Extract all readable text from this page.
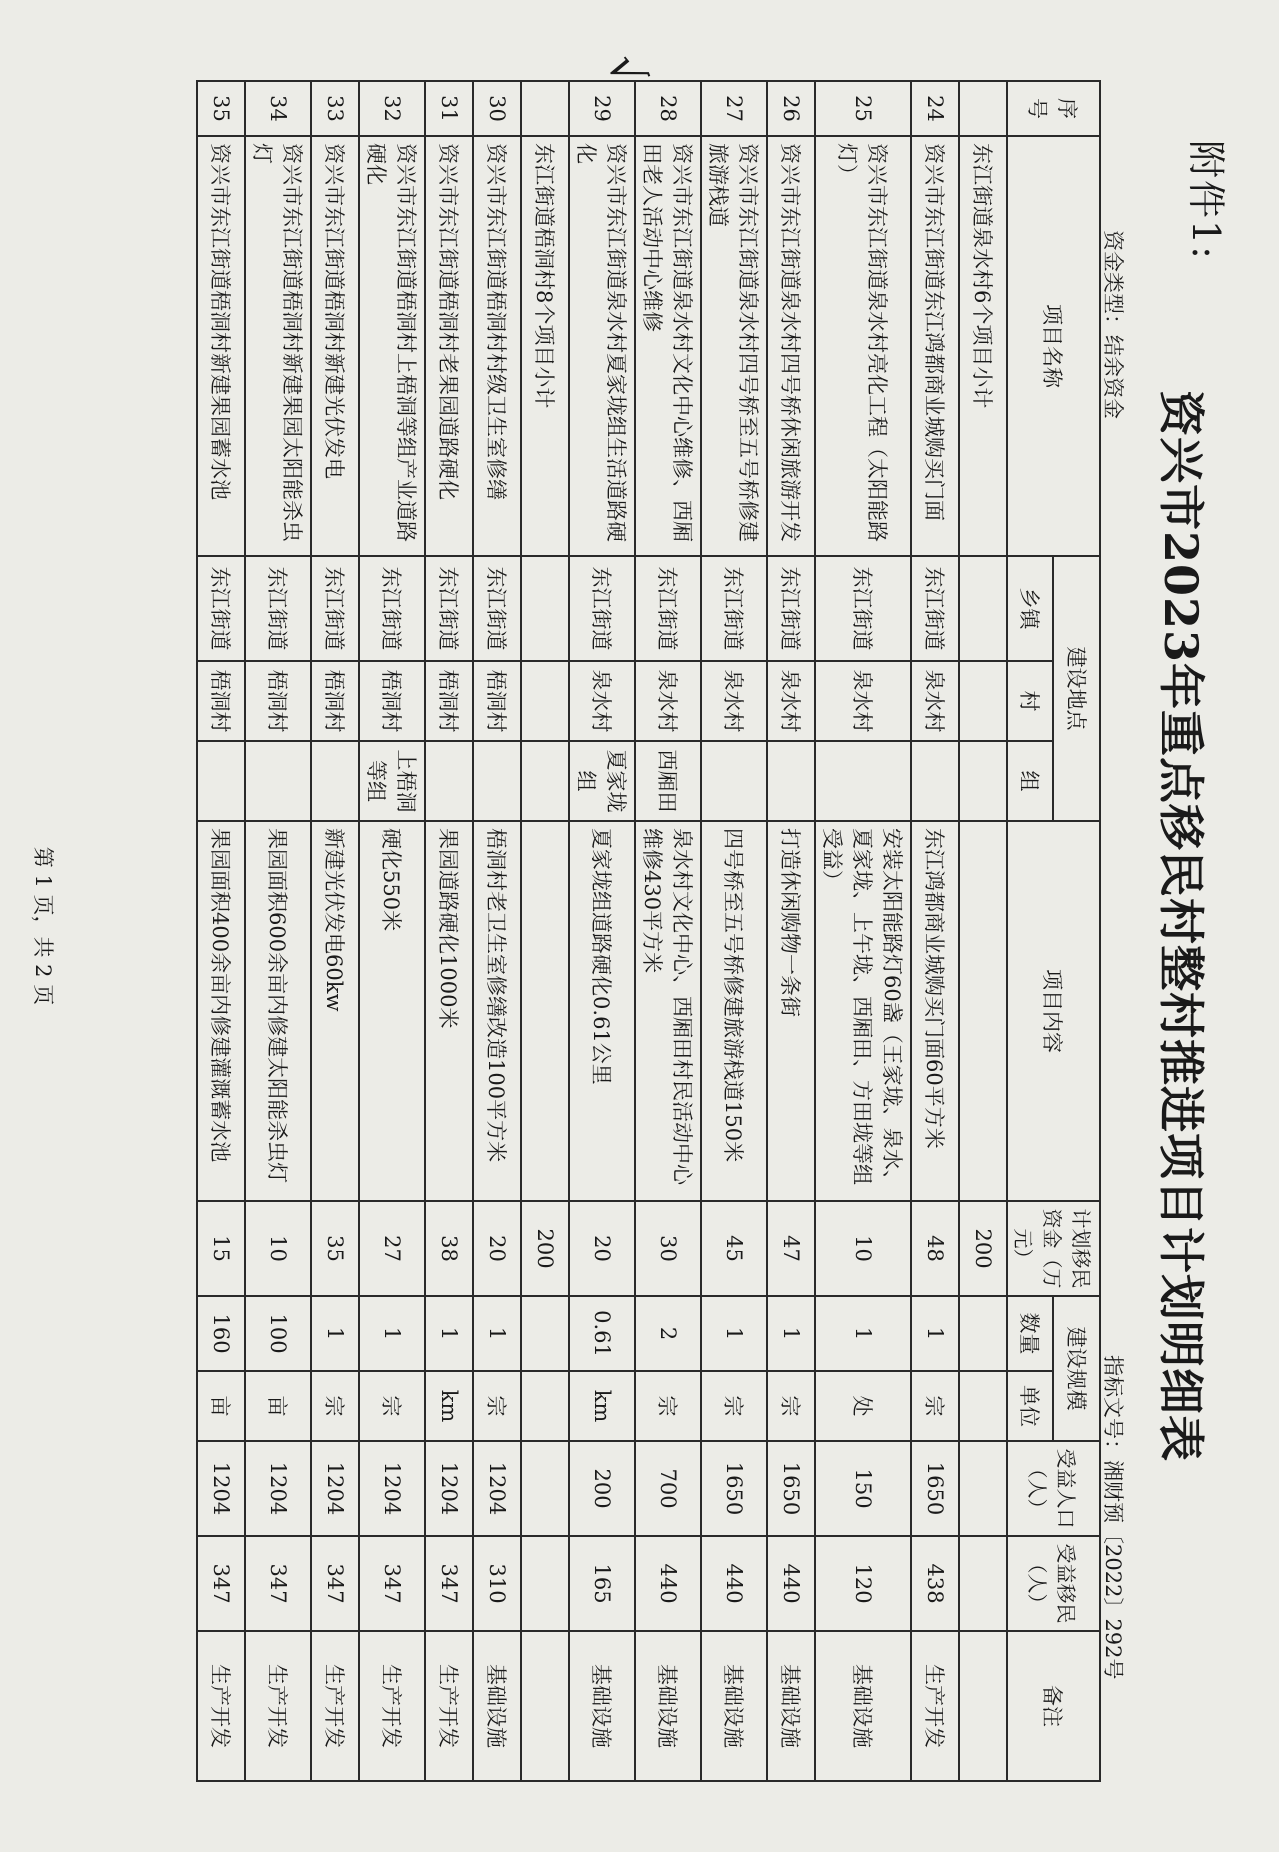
附件1:
资兴市2023年重点移民村整村推进项目计划明细表
资金类型：结余资金
指标文号：湘财预〔2022〕292号
√
序号	项目名称	建设地点			项目内容	计划移民资金（万元）	建设规模		受益人口（人）	受益移民（人）	备注
		乡镇	村	组			数量	单位			
	东江街道泉水村6个项目小计					200					
24	资兴市东江街道东江鸿都商业城购买门面	东江街道	泉水村		东江鸿都商业城购买门面60平方米	48	1	宗	1650	438	生产开发
25	资兴市东江街道泉水村亮化工程（太阳能路灯）	东江街道	泉水村		安装太阳能路灯60盏（王家垅、泉水、夏家垅、上午垅、西厢田、方田垅等组受益）	10	1	处	150	120	基础设施
26	资兴市东江街道泉水村四号桥休闲旅游开发	东江街道	泉水村		打造休闲购物一条街	47	1	宗	1650	440	基础设施
27	资兴市东江街道泉水村四号桥至五号桥修建旅游栈道	东江街道	泉水村		四号桥至五号桥修建旅游栈道150米	45	1	宗	1650	440	基础设施
28	资兴市东江街道泉水村文化中心维修、西厢田老人活动中心维修	东江街道	泉水村	西厢田	泉水村文化中心、西厢田村民活动中心维修430平方米	30	2	宗	700	440	基础设施
29	资兴市东江街道泉水村夏家垅组生活道路硬化	东江街道	泉水村	夏家垅组	夏家垅组道路硬化0.61公里	20	0.61	km	200	165	基础设施
	东江街道梧洞村8个项目小计					200					
30	资兴市东江街道梧洞村村级卫生室修缮	东江街道	梧洞村		梧洞村老卫生室修缮改造100平方米	20	1	宗	1204	310	基础设施
31	资兴市东江街道梧洞村老果园道路硬化	东江街道	梧洞村		果园道路硬化1000米	38	1	km	1204	347	生产开发
32	资兴市东江街道梧洞村上梧洞等组产业道路硬化	东江街道	梧洞村	上梧洞等组	硬化550米	27	1	宗	1204	347	生产开发
33	资兴市东江街道梧洞村新建光伏发电	东江街道	梧洞村		新建光伏发电60kw	35	1	宗	1204	347	生产开发
34	资兴市东江街道梧洞村新建果园太阳能杀虫灯	东江街道	梧洞村		果园面积600余亩内修建太阳能杀虫灯	10	100	亩	1204	347	生产开发
35	资兴市东江街道梧洞村新建果园蓄水池	东江街道	梧洞村		果园面积400余亩内修建灌溉蓄水池	15	160	亩	1204	347	生产开发
第 1 页，共 2 页
